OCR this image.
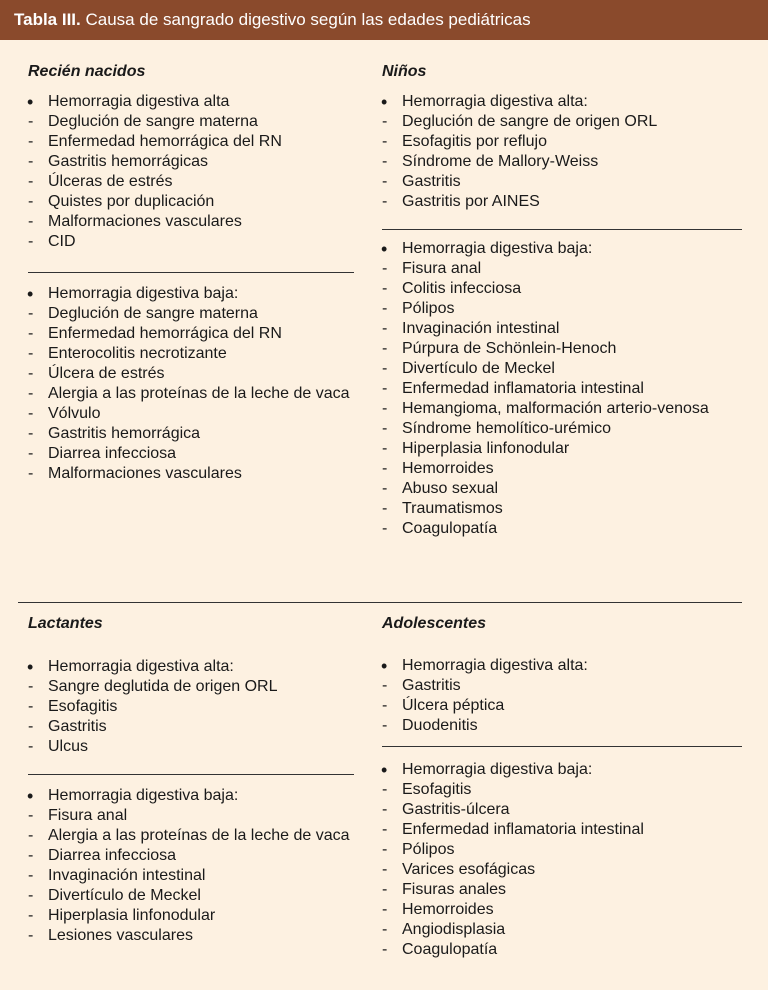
Tabla III. Causa de sangrado digestivo según las edades pediátricas
Recién nacidos
• Hemorragia digestiva alta
- Deglución de sangre materna
- Enfermedad hemorrágica del RN
- Gastritis hemorrágicas
- Úlceras de estrés
- Quistes por duplicación
- Malformaciones vasculares
- CID
• Hemorragia digestiva baja:
- Deglución de sangre materna
- Enfermedad hemorrágica del RN
- Enterocolitis necrotizante
- Úlcera de estrés
- Alergia a las proteínas de la leche de vaca
- Vólvulo
- Gastritis hemorrágica
- Diarrea infecciosa
- Malformaciones vasculares
Niños
• Hemorragia digestiva alta:
- Deglución de sangre de origen ORL
- Esofagitis por reflujo
- Síndrome de Mallory-Weiss
- Gastritis
- Gastritis por AINES
• Hemorragia digestiva baja:
- Fisura anal
- Colitis infecciosa
- Pólipos
- Invaginación intestinal
- Púrpura de Schönlein-Henoch
- Divertículo de Meckel
- Enfermedad inflamatoria intestinal
- Hemangioma, malformación arterio-venosa
- Síndrome hemolítico-urémico
- Hiperplasia linfonodular
- Hemorroides
- Abuso sexual
- Traumatismos
- Coagulopatía
Lactantes
• Hemorragia digestiva alta:
- Sangre deglutida de origen ORL
- Esofagitis
- Gastritis
- Ulcus
• Hemorragia digestiva baja:
- Fisura anal
- Alergia a las proteínas de la leche de vaca
- Diarrea infecciosa
- Invaginación intestinal
- Divertículo de Meckel
- Hiperplasia linfonodular
- Lesiones vasculares
Adolescentes
• Hemorragia digestiva alta:
- Gastritis
- Úlcera péptica
- Duodenitis
• Hemorragia digestiva baja:
- Esofagitis
- Gastritis-úlcera
- Enfermedad inflamatoria intestinal
- Pólipos
- Varices esofágicas
- Fisuras anales
- Hemorroides
- Angiodisplasia
- Coagulopatía
